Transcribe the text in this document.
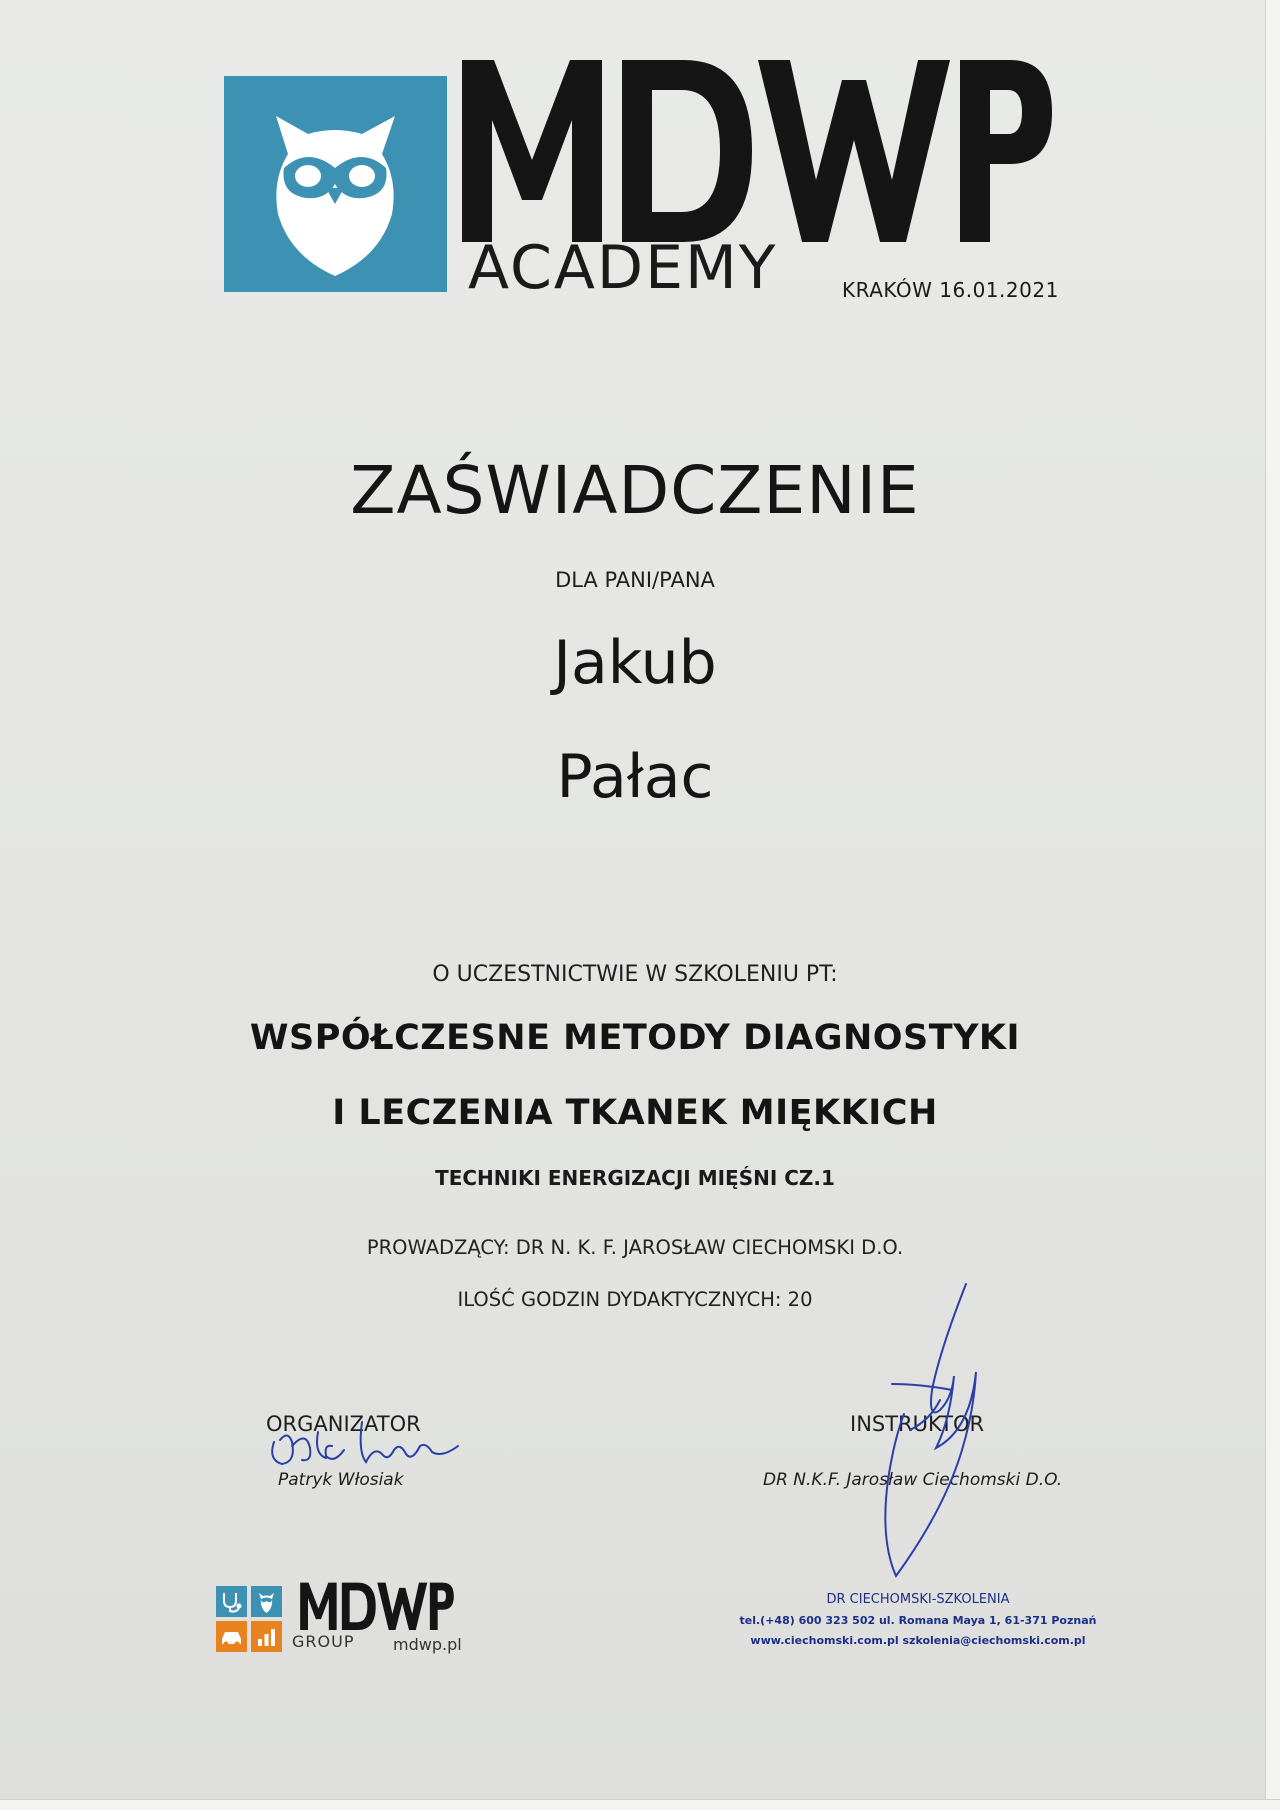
ACADEMY	KRAKÓW 16.01.2021
ZAŚWIADCZENIE
DLA PANI/PANA
Jakub
Pałac
O UCZESTNICTWIE W SZKOLENIU PT:
WSPÓŁCZESNE METODY DIAGNOSTYKI
I LECZENIA TKANEK MIĘKKICH
TECHNIKI ENERGIZACJI MIĘŚNI CZ.1
PROWADZĄCY: DR N. K. F. JAROSŁAW CIECHOMSKI D.O.
ILOŚĆ GODZIN DYDAKTYCZNYCH: 20
ORGANIZATOR
Patryk Włosiak
INSTRUKTOR
DR N.K.F. Jarosław Ciechomski D.O.
GROUP mdwp.pl
DR CIECHOMSKI-SZKOLENIA
tel.(+48) 600 323 502 ul. Romana Maya 1, 61-371 Poznań
www.ciechomski.com.pl szkolenia@ciechomski.com.pl
